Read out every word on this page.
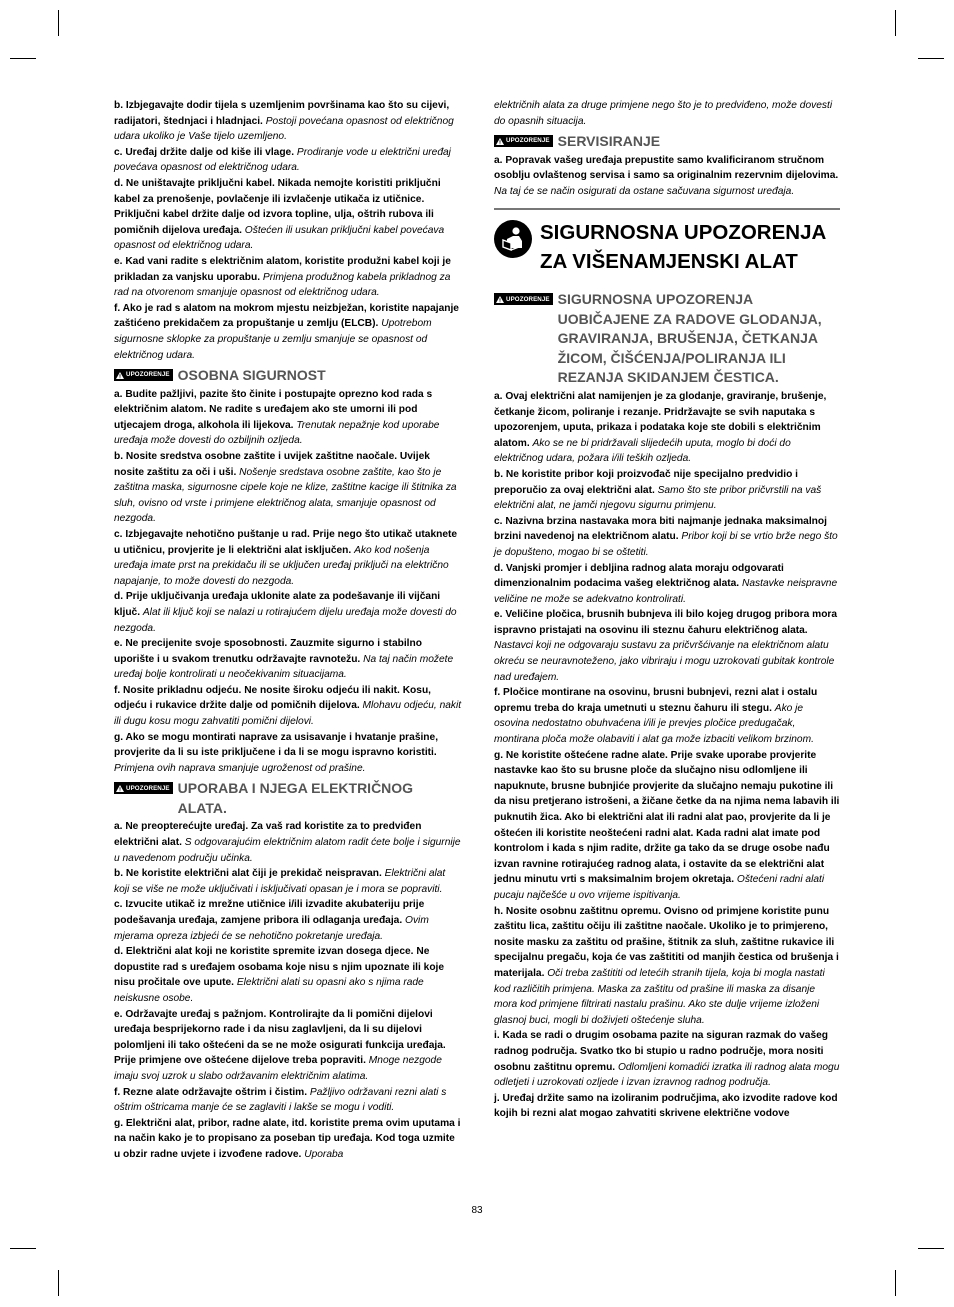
b. Izbjegavajte dodir tijela s uzemljenim površinama kao što su cijevi, radijatori, štednjaci i hladnjaci. Postoji povećana opasnost od električnog udara ukoliko je Vaše tijelo uzemljeno.

c. Uređaj držite dalje od kiše ili vlage. Prodiranje vode u električni uređaj povećava opasnost od električnog udara.

d. Ne uništavajte priključni kabel. Nikada nemojte koristiti priključni kabel za prenošenje, povlačenje ili izvlačenje utikača iz utičnice. Priključni kabel držite dalje od izvora topline, ulja, oštrih rubova ili pomičnih dijelova uređaja. Oštećen ili usukan priključni kabel povećava opasnost od električnog udara.

e. Kad vani radite s električnim alatom, koristite produžni kabel koji je prikladan za vanjsku uporabu. Primjena produžnog kabela prikladnog za rad na otvorenom smanjuje opasnost od električnog udara.

f. Ako je rad s alatom na mokrom mjestu neizbježan, koristite napajanje zaštićeno prekidačem za propuštanje u zemlju (ELCB). Upotrebom sigurnosne sklopke za propuštanje u zemlju smanjuje se opasnost od električnog udara.

UPOZORENJE OSOBNA SIGURNOST

a. Budite pažljivi, pazite što činite i postupajte oprezno kod rada s električnim alatom. Ne radite s uređajem ako ste umorni ili pod utjecajem droga, alkohola ili lijekova. Trenutak nepažnje kod uporabe uređaja može dovesti do ozbiljnih ozljeda.

b. Nosite sredstva osobne zaštite i uvijek zaštitne naočale. Uvijek nosite zaštitu za oči i uši. Nošenje sredstava osobne zaštite, kao što je zaštitna maska, sigurnosne cipele koje ne klize, zaštitne kacige ili štitnika za sluh, ovisno od vrste i primjene električnog alata, smanjuje opasnost od nezgoda.

c. Izbjegavajte nehotično puštanje u rad. Prije nego što utikač utaknete u utičnicu, provjerite je li električni alat isključen. Ako kod nošenja uređaja imate prst na prekidaču ili se uključen uređaj priključi na električno napajanje, to može dovesti do nezgoda.

d. Prije uključivanja uređaja uklonite alate za podešavanje ili vijčani ključ. Alat ili ključ koji se nalazi u rotirajućem dijelu uređaja može dovesti do nezgoda.

e. Ne precijenite svoje sposobnosti. Zauzmite sigurno i stabilno uporište i u svakom trenutku održavajte ravnotežu. Na taj način možete uređaj bolje kontrolirati u neočekivanim situacijama.

f. Nosite prikladnu odjeću. Ne nosite široku odjeću ili nakit. Kosu, odjeću i rukavice držite dalje od pomičnih dijelova. Mlohavu odjeću, nakit ili dugu kosu mogu zahvatiti pomični dijelovi.

g. Ako se mogu montirati naprave za usisavanje i hvatanje prašine, provjerite da li su iste priključene i da li se mogu ispravno koristiti. Primjena ovih naprava smanjuje ugroženost od prašine.

UPOZORENJE UPORABA I NJEGA ELEKTRIČNOG ALATA.

a. Ne preopterećujte uređaj. Za vaš rad koristite za to predviđen električni alat. S odgovarajućim električnim alatom radit ćete bolje i sigurnije u navedenom području učinka.

b. Ne koristite električni alat čiji je prekidač neispravan. Električni alat koji se više ne može uključivati i isključivati opasan je i mora se popraviti.

c. Izvucite utikač iz mrežne utičnice i/ili izvadite akubateriju prije podešavanja uređaja, zamjene pribora ili odlaganja uređaja. Ovim mjerama opreza izbjeći će se nehotično pokretanje uređaja.

d. Električni alat koji ne koristite spremite izvan dosega djece. Ne dopustite rad s uređajem osobama koje nisu s njim upoznate ili koje nisu pročitale ove upute. Električni alati su opasni ako s njima rade neiskusne osobe.

e. Održavajte uređaj s pažnjom. Kontrolirajte da li pomični dijelovi uređaja besprijekorno rade i da nisu zaglavljeni, da li su dijelovi polomljeni ili tako oštećeni da se ne može osigurati funkcija uređaja. Prije primjene ove oštećene dijelove treba popraviti. Mnoge nezgode imaju svoj uzrok u slabo održavanim električnim alatima.

f. Rezne alate održavajte oštrim i čistim. Pažljivo održavani rezni alati s oštrim oštricama manje će se zaglaviti i lakše se mogu i voditi.

g. Električni alat, pribor, radne alate, itd. koristite prema ovim uputama i na način kako je to propisano za poseban tip uređaja. Kod toga uzmite u obzir radne uvjete i izvođene radove. Uporaba

električnih alata za druge primjene nego što je to predviđeno, može dovesti do opasnih situacija.

UPOZORENJE SERVISIRANJE

a. Popravak vašeg uređaja prepustite samo kvalificiranom stručnom osoblju ovlaštenog servisa i samo sa originalnim rezervnim dijelovima. Na taj će se način osigurati da ostane sačuvana sigurnost uređaja.

SIGURNOSNA UPOZORENJA ZA VIŠENAMJENSKI ALAT
UPOZORENJE SIGURNOSNA UPOZORENJA UOBIČAJENE ZA RADOVE GLODANJA, GRAVIRANJA, BRUŠENJA, ČETKANJA ŽICOM, ČIŠĆENJA/POLIRANJA ILI REZANJA SKIDANJEM ČESTICA.

a. Ovaj električni alat namijenjen je za glodanje, graviranje, brušenje, četkanje žicom, poliranje i rezanje. Pridržavajte se svih naputaka s upozorenjem, uputa, prikaza i podataka koje ste dobili s električnim alatom. Ako se ne bi pridržavali slijedećih uputa, moglo bi doći do električnog udara, požara i/ili teških ozljeda.

b. Ne koristite pribor koji proizvođač nije specijalno predvidio i preporučio za ovaj električni alat. Samo što ste pribor pričvrstili na vaš električni alat, ne jamči njegovu sigurnu primjenu.

c. Nazivna brzina nastavaka mora biti najmanje jednaka maksimalnoj brzini navedenoj na električnom alatu. Pribor koji bi se vrtio brže nego što je dopušteno, mogao bi se oštetiti.

d. Vanjski promjer i debljina radnog alata moraju odgovarati dimenzionalnim podacima vašeg električnog alata. Nastavke neispravne veličine ne može se adekvatno kontrolirati.

e. Veličine pločica, brusnih bubnjeva ili bilo kojeg drugog pribora mora ispravno pristajati na osovinu ili steznu čahuru električnog alata. Nastavci koji ne odgovaraju sustavu za pričvršćivanje na električnom alatu okreću se neuravnoteženo, jako vibriraju i mogu uzrokovati gubitak kontrole nad uređajem.

f. Pločice montirane na osovinu, brusni bubnjevi, rezni alat i ostalu opremu treba do kraja umetnuti u steznu čahuru ili stegu. Ako je osovina nedostatno obuhvaćena i/ili je prevjes pločice predugačak, montirana ploča može olabaviti i alat ga može izbaciti velikom brzinom.

g. Ne koristite oštećene radne alate. Prije svake uporabe provjerite nastavke kao što su brusne ploče da slučajno nisu odlomljene ili napuknute, brusne bubnjiće provjerite da slučajno nemaju pukotine ili da nisu pretjerano istrošeni, a žičane četke da na njima nema labavih ili puknutih žica. Ako bi električni alat ili radni alat pao, provjerite da li je oštećen ili koristite neoštećeni radni alat. Kada radni alat imate pod kontrolom i kada s njim radite, držite ga tako da se druge osobe nađu izvan ravnine rotirajućeg radnog alata, i ostavite da se električni alat jednu minutu vrti s maksimalnim brojem okretaja. Oštećeni radni alati pucaju najčešće u ovo vrijeme ispitivanja.

h. Nosite osobnu zaštitnu opremu. Ovisno od primjene koristite punu zaštitu lica, zaštitu očiju ili zaštitne naočale. Ukoliko je to primjereno, nosite masku za zaštitu od prašine, štitnik za sluh, zaštitne rukavice ili specijalnu pregaču, koja će vas zaštititi od manjih čestica od brušenja i materijala. Oči treba zaštititi od letećih stranih tijela, koja bi mogla nastati kod različitih primjena. Maska za zaštitu od prašine ili maska za disanje mora kod primjene filtrirati nastalu prašinu. Ako ste dulje vrijeme izloženi glasnoj buci, mogli bi doživjeti oštećenje sluha.

i. Kada se radi o drugim osobama pazite na siguran razmak do vašeg radnog područja. Svatko tko bi stupio u radno područje, mora nositi osobnu zaštitnu opremu. Odlomljeni komadići izratka ili radnog alata mogu odletjeti i uzrokovati ozljede i izvan izravnog radnog područja.

j. Uređaj držite samo na izoliranim područjima, ako izvodite radove kod kojih bi rezni alat mogao zahvatiti skrivene električne vodove

83
